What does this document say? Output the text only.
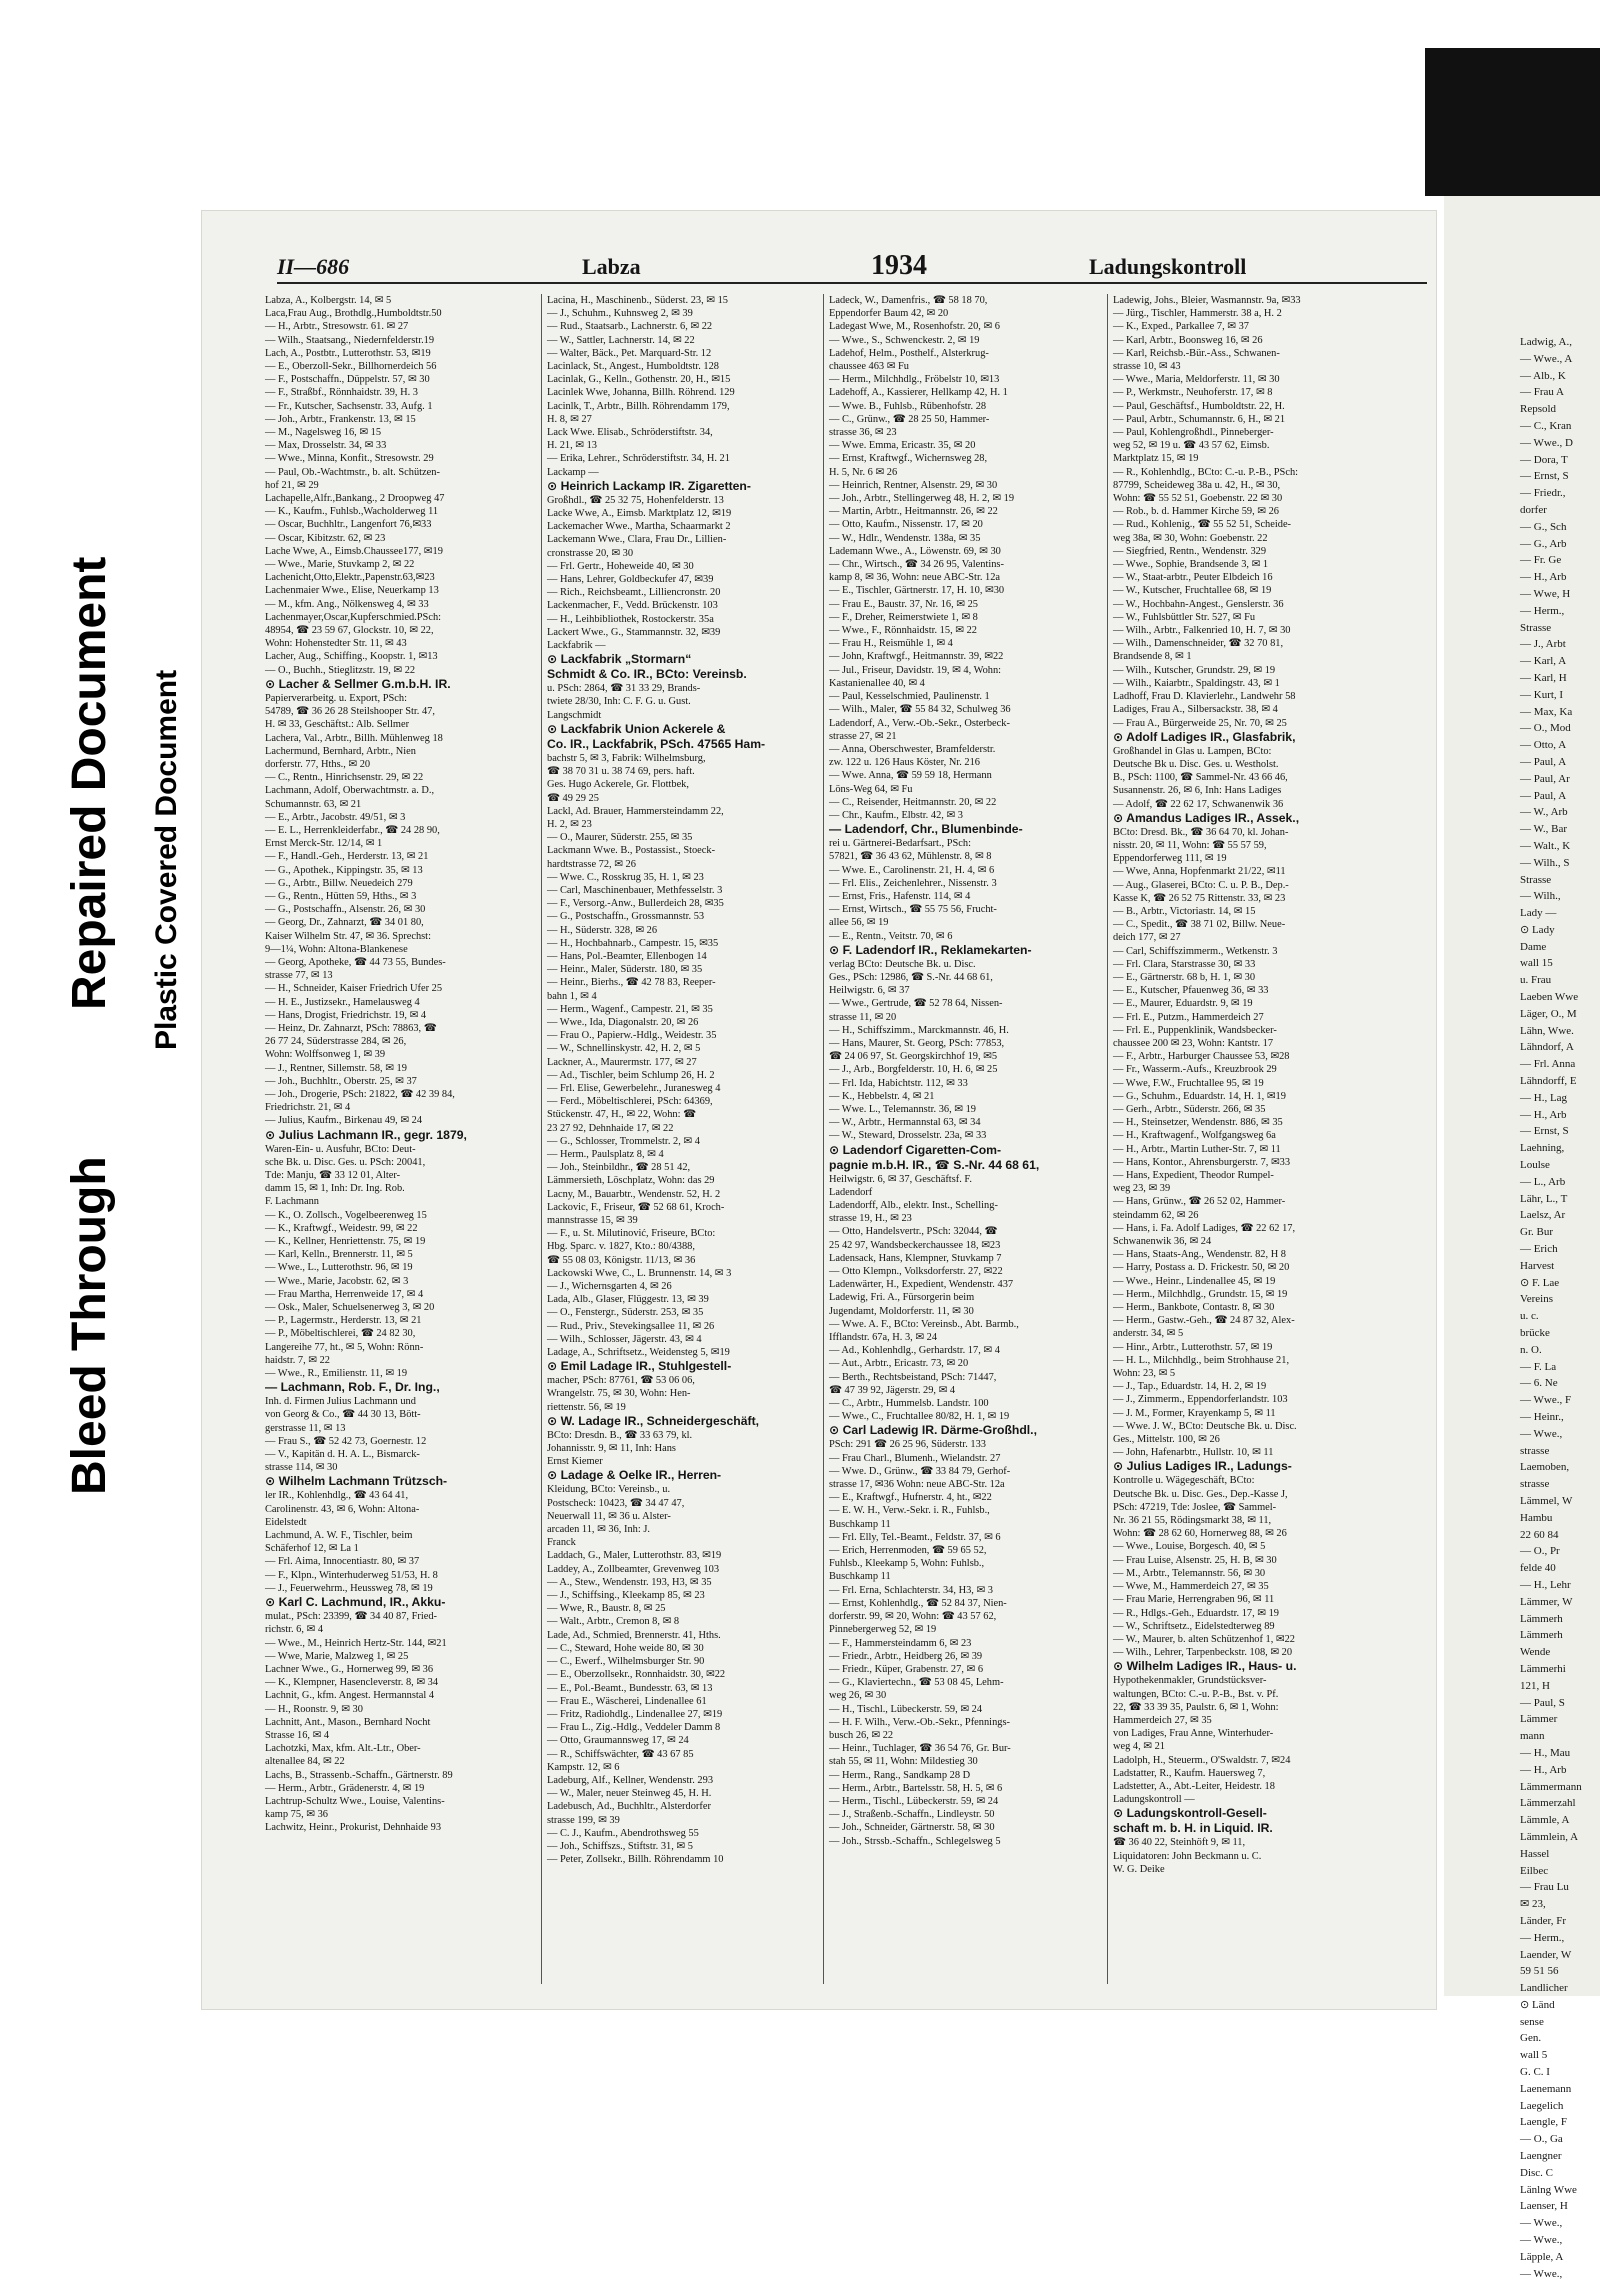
Bleed Through
Repaired Document Plastic Covered Document
II—686	Labza	1934	Ladungskontroll
Labza, A., Kolbergstr. 14, ✉ 5
Laca,Frau Aug., Brothdlg.,Humboldtstr.50
— H., Arbtr., Stresowstr. 61. ✉ 27
— Wilh., Staatsang., Niedernfelderstr.19
Lach, A., Postbtr., Lutterothstr. 53, ✉19
— E., Oberzoll-Sekr., Billhornerdeich 56
— F., Postschaffn., Düppelstr. 57, ✉ 30
— F., Straßbf., Rönnhaidstr. 39, H. 3
— Fr., Kutscher, Sachsenstr. 33, Aufg. 1
— Joh., Arbtr., Frankenstr. 13, ✉ 15
— M., Nagelsweg 16, ✉ 15
— Max, Drosselstr. 34, ✉ 33
— Wwe., Minna, Konfit., Stresowstr. 29
— Paul, Ob.-Wachtmstr., b. alt. Schützen-
hof 21, ✉ 29
Lachapelle,Alfr.,Bankang., 2 Droopweg 47
— K., Kaufm., Fuhlsb.,Wacholderweg 11
— Oscar, Buchhltr., Langenfort 76,✉33
— Oscar, Kibitzstr. 62, ✉ 23
Lache Wwe, A., Eimsb.Chaussee177, ✉19
— Wwe., Marie, Stuvkamp 2, ✉ 22
Lachenicht,Otto,Elektr.,Papenstr.63,✉23
Lachenmaier Wwe., Elise, Neuerkamp 13
— M., kfm. Ang., Nölkensweg 4, ✉ 33
Lachenmayer,Oscar,Kupferschmied.PSch:
48954, ☎ 23 59 67, Glockstr. 10, ✉ 22,
Wohn: Hohenstedter Str. 11, ✉ 43
Lacher, Aug., Schiffing., Koopstr. 1, ✉13
— O., Buchh., Stieglitzstr. 19, ✉ 22
⊙ Lacher & Sellmer G.m.b.H. IR.
Papierverarbeitg. u. Export, PSch:
54789, ☎ 36 26 28 Steilshooper Str. 47,
H. ✉ 33, Geschäftst.: Alb. Sellmer
Lachera, Val., Arbtr., Billh. Mühlenweg 18
Lachermund, Bernhard, Arbtr., Nien
dorferstr. 77, Hths., ✉ 20
— C., Rentn., Hinrichsenstr. 29, ✉ 22
Lachmann, Adolf, Oberwachtmstr. a. D.,
Schumannstr. 63, ✉ 21
— E., Arbtr., Jacobstr. 49/51, ✉ 3
— E. L., Herrenkleiderfabr., ☎ 24 28 90,
Ernst Merck-Str. 12/14, ✉ 1
— F., Handl.-Geh., Herderstr. 13, ✉ 21
— G., Apothek., Kippingstr. 35, ✉ 13
— G., Arbtr., Billw. Neuedeich 279
— G., Rentn., Hütten 59, Hths., ✉ 3
— G., Postschaffn., Alsenstr. 26, ✉ 30
— Georg, Dr., Zahnarzt, ☎ 34 01 80,
Kaiser Wilhelm Str. 47, ✉ 36. Sprechst:
9—1¼, Wohn: Altona-Blankenese
— Georg, Apotheke, ☎ 44 73 55, Bundes-
strasse 77, ✉ 13
— H., Schneider, Kaiser Friedrich Ufer 25
— H. E., Justizsekr., Hamelausweg 4
— Hans, Drogist, Friedrichstr. 19, ✉ 4
— Heinz, Dr. Zahnarzt, PSch: 78863, ☎
26 77 24, Süderstrasse 284, ✉ 26,
Wohn: Wolffsonweg 1, ✉ 39
— J., Rentner, Sillemstr. 58, ✉ 19
— Joh., Buchhltr., Oberstr. 25, ✉ 37
— Joh., Drogerie, PSch: 21822, ☎ 42 39 84,
Friedrichstr. 21, ✉ 4
— Julius, Kaufm., Birkenau 49, ✉ 24
⊙ Julius Lachmann IR., gegr. 1879,
Waren-Ein- u. Ausfuhr, BCto: Deut-
sche Bk. u. Disc. Ges. u. PSch: 20041,
Tde: Manju, ☎ 33 12 01, Alter-
damm 15, ✉ 1, Inh: Dr. Ing. Rob.
F. Lachmann
— K., O. Zollsch., Vogelbeerenweg 15
— K., Kraftwgf., Weidestr. 99, ✉ 22
— K., Kellner, Henriettenstr. 75, ✉ 19
— Karl, Kelln., Brennerstr. 11, ✉ 5
— Wwe., L., Lutterothstr. 96, ✉ 19
— Wwe., Marie, Jacobstr. 62, ✉ 3
— Frau Martha, Herrenweide 17, ✉ 4
— Osk., Maler, Schuelsenerweg 3, ✉ 20
— P., Lagermstr., Herderstr. 13, ✉ 21
— P., Möbeltischlerei, ☎ 24 82 30,
Langereihe 77, ht., ✉ 5, Wohn: Rönn-
haidstr. 7, ✉ 22
— Wwe., R., Emilienstr. 11, ✉ 19
— Lachmann, Rob. F., Dr. Ing.,
Inh. d. Firmen Julius Lachmann und
von Georg & Co., ☎ 44 30 13, Bött-
gerstrasse 11, ✉ 13
— Frau S., ☎ 52 42 73, Goernestr. 12
— V., Kapitän d. H. A. L., Bismarck-
strasse 114, ✉ 30
⊙ Wilhelm Lachmann Trützsch-
ler IR., Kohlenhdlg., ☎ 43 64 41,
Carolinenstr. 43, ✉ 6, Wohn: Altona-
Eidelstedt
Lachmund, A. W. F., Tischler, beim
Schäferhof 12, ✉ La 1
— Frl. Aima, Innocentiastr. 80, ✉ 37
— F., Klpn., Winterhuderweg 51/53, H. 8
— J., Feuerwehrm., Heussweg 78, ✉ 19
⊙ Karl C. Lachmund, IR., Akku-
mulat., PSch: 23399, ☎ 34 40 87, Fried-
richstr. 6, ✉ 4
— Wwe., M., Heinrich Hertz-Str. 144, ✉21
— Wwe, Marie, Malzweg 1, ✉ 25
Lachner Wwe., G., Hornerweg 99, ✉ 36
— K., Klempner, Hasencleverstr. 8, ✉ 34
Lachnit, G., kfm. Angest. Hermannstal 4
— H., Roonstr. 9, ✉ 30
Lachnitt, Ant., Mason., Bernhard Nocht
Strasse 16, ✉ 4
Lachotzki, Max, kfm. Alt.-Ltr., Ober-
altenallee 84, ✉ 22
Lachs, B., Strassenb.-Schaffn., Gärtnerstr. 89
— Herm., Arbtr., Grädenerstr. 4, ✉ 19
Lachtrup-Schultz Wwe., Louise, Valentins-
kamp 75, ✉ 36
Lachwitz, Heinr., Prokurist, Dehnhaide 93
Lacina, H., Maschinenb., Süderst. 23, ✉ 15
— J., Schuhm., Kuhnsweg 2, ✉ 39
— Rud., Staatsarb., Lachnerstr. 6, ✉ 22
— W., Sattler, Lachnerstr. 14, ✉ 22
— Walter, Bäck., Pet. Marquard-Str. 12
Lacinlack, St., Angest., Humboldtstr. 128
Lacinlak, G., Kelln., Gothenstr. 20, H., ✉15
Lacinlek Wwe, Johanna, Billh. Röhrend. 129
Lacinlk, T., Arbtr., Billh. Röhrendamm 179,
H. 8, ✉ 27
Lack Wwe. Elisab., Schröderstiftstr. 34,
H. 21, ✉ 13
— Erika, Lehrer., Schröderstiftstr. 34, H. 21
Lackamp —
⊙ Heinrich Lackamp IR. Zigaretten-
Großhdl., ☎ 25 32 75, Hohenfelderstr. 13
Lacke Wwe, A., Eimsb. Marktplatz 12, ✉19
Lackemacher Wwe., Martha, Schaarmarkt 2
Lackemann Wwe., Clara, Frau Dr., Lillien-
cronstrasse 20, ✉ 30
— Frl. Gertr., Hoheweide 40, ✉ 30
— Hans, Lehrer, Goldbeckufer 47, ✉39
— Rich., Reichsbeamt., Lilliencronstr. 20
Lackenmacher, F., Vedd. Brückenstr. 103
— H., Leihbibliothek, Rostockerstr. 35a
Lackert Wwe., G., Stammannstr. 32, ✉39
Lackfabrik —
⊙ Lackfabrik „Stormarn“
Schmidt & Co. IR., BCto: Vereinsb.
u. PSch: 2864, ☎ 31 33 29, Brands-
twiete 28/30, Inh: C. F. G. u. Gust.
Langschmidt
⊙ Lackfabrik Union Ackerele &
Co. IR., Lackfabrik, PSch. 47565 Ham-
bachstr 5, ✉ 3, Fabrik: Wilhelmsburg,
☎ 38 70 31 u. 38 74 69, pers. haft.
Ges. Hugo Ackerele, Gr. Flottbek,
☎ 49 29 25
Lackl, Ad. Brauer, Hammersteindamm 22,
H. 2, ✉ 23
— O., Maurer, Süderstr. 255, ✉ 35
Lackmann Wwe. B., Postassist., Stoeck-
hardtstrasse 72, ✉ 26
— Wwe. C., Rosskrug 35, H. 1, ✉ 23
— Carl, Maschinenbauer, Methfesselstr. 3
— F., Versorg.-Anw., Bullerdeich 28, ✉35
— G., Postschaffn., Grossmannstr. 53
— H., Süderstr. 328, ✉ 26
— H., Hochbahnarb., Campestr. 15, ✉35
— Hans, Pol.-Beamter, Ellenbogen 14
— Heinr., Maler, Süderstr. 180, ✉ 35
— Heinr., Bierhs., ☎ 42 78 83, Reeper-
bahn 1, ✉ 4
— Herm., Wagenf., Campestr. 21, ✉ 35
— Wwe., Ida, Diagonalstr. 20, ✉ 26
— Frau O., Papierw.-Hdlg., Weidestr. 35
— W., Schnellinskystr. 42, H. 2, ✉ 5
Lackner, A., Maurermstr. 177, ✉ 27
— Ad., Tischler, beim Schlump 26, H. 2
— Frl. Elise, Gewerbelehr., Juranesweg 4
— Ferd., Möbeltischlerei, PSch: 64369,
Stückenstr. 47, H., ✉ 22, Wohn: ☎
23 27 92, Dehnhaide 17, ✉ 22
— G., Schlosser, Trommelstr. 2, ✉ 4
— Herm., Paulsplatz 8, ✉ 4
— Joh., Steinbildhr., ☎ 28 51 42,
Lämmersieth, Löschplatz, Wohn: das 29
Lacny, M., Bauarbtr., Wendenstr. 52, H. 2
Lackovic, F., Friseur, ☎ 52 68 61, Kroch-
mannstrasse 15, ✉ 39
— F., u. St. Milutinović, Friseure, BCto:
Hbg. Sparc. v. 1827, Kto.: 80/4388,
☎ 55 08 03, Königstr. 11/13, ✉ 36
Lackowski Wwe, C., L. Brunnenstr. 14, ✉ 3
— J., Wichernsgarten 4, ✉ 26
Lada, Alb., Glaser, Flüggestr. 13, ✉ 39
— O., Fenstergr., Süderstr. 253, ✉ 35
— Rud., Priv., Stevekingsallee 11, ✉ 26
— Wilh., Schlosser, Jägerstr. 43, ✉ 4
Ladage, A., Schriftsetz., Weidensteg 5, ✉19
⊙ Emil Ladage IR., Stuhlgestell-
macher, PSch: 87761, ☎ 53 06 06,
Wrangelstr. 75, ✉ 30, Wohn: Hen-
riettenstr. 56, ✉ 19
⊙ W. Ladage IR., Schneidergeschäft,
BCto: Dresdn. B., ☎ 33 63 79, kl.
Johannisstr. 9, ✉ 11, Inh: Hans
Ernst Kiemer
⊙ Ladage & Oelke IR., Herren-
Kleidung, BCto: Vereinsb., u.
Postscheck: 10423, ☎ 34 47 47,
Neuerwall 11, ✉ 36 u. Alster-
arcaden 11, ✉ 36, Inh: J.
Franck
Laddach, G., Maler, Lutterothstr. 83, ✉19
Laddey, A., Zollbeamter, Grevenweg 103
— A., Stew., Wendenstr. 193, H3, ✉ 35
— J., Schiffsing., Kleekamp 85, ✉ 23
— Wwe, R., Baustr. 8, ✉ 25
— Walt., Arbtr., Cremon 8, ✉ 8
Lade, Ad., Schmied, Brennerstr. 41, Hths.
— C., Steward, Hohe weide 80, ✉ 30
— C., Ewerf., Wilhelmsburger Str. 90
— E., Oberzollsekr., Ronnhaidstr. 30, ✉22
— E., Pol.-Beamt., Bundesstr. 63, ✉ 13
— Frau E., Wäscherei, Lindenallee 61
— Fritz, Radiohdlg., Lindenallee 27, ✉19
— Frau L., Zig.-Hdlg., Veddeler Damm 8
— Otto, Graumannsweg 17, ✉ 24
— R., Schiffswächter, ☎ 43 67 85
Kampstr. 12, ✉ 6
Ladeburg, Alf., Kellner, Wendenstr. 293
— W., Maler, neuer Steinweg 45, H. H.
Ladebusch, Ad., Buchhltr., Alsterdorfer
strasse 199, ✉ 39
— C. J., Kaufm., Abendrothsweg 55
— Joh., Schiffszs., Stiftstr. 31, ✉ 5
— Peter, Zollsekr., Billh. Röhrendamm 10
Ladeck, W., Damenfris., ☎ 58 18 70,
Eppendorfer Baum 42, ✉ 20
Ladegast Wwe, M., Rosenhofstr. 20, ✉ 6
— Wwe., S., Schwenckestr. 2, ✉ 19
Ladehof, Helm., Posthelf., Alsterkrug-
chaussee 463 ✉ Fu
— Herm., Milchhdlg., Fröbelstr 10, ✉13
Ladehoff, A., Kassierer, Hellkamp 42, H. 1
— Wwe. B., Fuhlsb., Rübenhofstr. 28
— C., Grünw., ☎ 28 25 50, Hammer-
strasse 36, ✉ 23
— Wwe. Emma, Ericastr. 35, ✉ 20
— Ernst, Kraftwgf., Wichernsweg 28,
H. 5, Nr. 6 ✉ 26
— Heinrich, Rentner, Alsenstr. 29, ✉ 30
— Joh., Arbtr., Stellingerweg 48, H. 2, ✉ 19
— Martin, Arbtr., Heitmannstr. 26, ✉ 22
— Otto, Kaufm., Nissenstr. 17, ✉ 20
— W., Hdlr., Wendenstr. 138a, ✉ 35
Lademann Wwe., A., Löwenstr. 69, ✉ 30
— Chr., Wirtsch., ☎ 34 26 95, Valentins-
kamp 8, ✉ 36, Wohn: neue ABC-Str. 12a
— E., Tischler, Gärtnerstr. 17, H. 10, ✉30
— Frau E., Baustr. 37, Nr. 16, ✉ 25
— F., Dreher, Reimerstwiete 1, ✉ 8
— Wwe., F., Rönnhaidstr. 15, ✉ 22
— Frau H., Reismühle 1, ✉ 4
— John, Kraftwgf., Heitmannstr. 39, ✉22
— Jul., Friseur, Davidstr. 19, ✉ 4, Wohn:
Kastanienallee 40, ✉ 4
— Paul, Kesselschmied, Paulinenstr. 1
— Wilh., Maler, ☎ 55 84 32, Schulweg 36
Ladendorf, A., Verw.-Ob.-Sekr., Osterbeck-
strasse 27, ✉ 21
— Anna, Oberschwester, Bramfelderstr.
zw. 122 u. 126 Haus Köster, Nr. 216
— Wwe. Anna, ☎ 59 59 18, Hermann
Löns-Weg 64, ✉ Fu
— C., Reisender, Heitmannstr. 20, ✉ 22
— Chr., Kaufm., Elbstr. 42, ✉ 3
— Ladendorf, Chr., Blumenbinde-
rei u. Gärtnerei-Bedarfsart., PSch:
57821, ☎ 36 43 62, Mühlenstr. 8, ✉ 8
— Wwe. E., Carolinenstr. 21, H. 4, ✉ 6
— Frl. Elis., Zeichenlehrer., Nissenstr. 3
— Ernst, Fris., Hafenstr. 114, ✉ 4
— Ernst, Wirtsch., ☎ 55 75 56, Frucht-
allee 56, ✉ 19
— E., Rentn., Veitstr. 70, ✉ 6
⊙ F. Ladendorf IR., Reklamekarten-
verlag BCto: Deutsche Bk. u. Disc.
Ges., PSch: 12986, ☎ S.-Nr. 44 68 61,
Heilwigstr. 6, ✉ 37
— Wwe., Gertrude, ☎ 52 78 64, Nissen-
strasse 11, ✉ 20
— H., Schiffszimm., Marckmannstr. 46, H.
— Hans, Maurer, St. Georg, PSch: 77853,
☎ 24 06 97, St. Georgskirchhof 19, ✉5
— J., Arb., Borgfelderstr. 10, H. 6, ✉ 25
— Frl. Ida, Habichtstr. 112, ✉ 33
— K., Hebbelstr. 4, ✉ 21
— Wwe. L., Telemannstr. 36, ✉ 19
— W., Arbtr., Hermannstal 63, ✉ 34
— W., Steward, Drosselstr. 23a, ✉ 33
⊙ Ladendorf Cigaretten-Com-
pagnie m.b.H. IR., ☎ S.-Nr. 44 68 61,
Heilwigstr. 6, ✉ 37, Geschäftsf. F.
Ladendorf
Ladendorff, Alb., elektr. Inst., Schelling-
strasse 19, H., ✉ 23
— Otto, Handelsvertr., PSch: 32044, ☎
25 42 97, Wandsbeckerchaussee 18, ✉23
Ladensack, Hans, Klempner, Stuvkamp 7
— Otto Klempn., Volksdorferstr. 27, ✉22
Ladenwärter, H., Expedient, Wendenstr. 437
Ladewig, Fri. A., Fürsorgerin beim
Jugendamt, Moldorferstr. 11, ✉ 30
— Wwe. A. F., BCto: Vereinsb., Abt. Barmb.,
Ifflandstr. 67a, H. 3, ✉ 24
— Ad., Kohlenhdlg., Gerhardstr. 17, ✉ 4
— Aut., Arbtr., Ericastr. 73, ✉ 20
— Berth., Rechtsbeistand, PSch: 71447,
☎ 47 39 92, Jägerstr. 29, ✉ 4
— C., Arbtr., Hummelsb. Landstr. 100
— Wwe., C., Fruchtallee 80/82, H. 1, ✉ 19
⊙ Carl Ladewig IR. Därme-Großhdl.,
PSch: 291 ☎ 26 25 96, Süderstr. 133
— Frau Charl., Blumenh., Wielandstr. 27
— Wwe. D., Grünw., ☎ 33 84 79, Gerhof-
strasse 17, ✉36 Wohn: neue ABC-Str. 12a
— E., Kraftwgf., Hufnerstr. 4, ht., ✉22
— E. W. H., Verw.-Sekr. i. R., Fuhlsb.,
Buschkamp 11
— Frl. Elly, Tel.-Beamt., Feldstr. 37, ✉ 6
— Erich, Herrenmoden, ☎ 59 65 52,
Fuhlsb., Kleekamp 5, Wohn: Fuhlsb.,
Buschkamp 11
— Frl. Erna, Schlachterstr. 34, H3, ✉ 3
— Ernst, Kohlenhdlg., ☎ 52 84 37, Nien-
dorferstr. 99, ✉ 20, Wohn: ☎ 43 57 62,
Pinnebergerweg 52, ✉ 19
— F., Hammersteindamm 6, ✉ 23
— Friedr., Arbtr., Heidberg 26, ✉ 39
— Friedr., Küper, Grabenstr. 27, ✉ 6
— G., Klaviertechn., ☎ 53 08 45, Lehm-
weg 26, ✉ 30
— H., Tischl., Lübeckerstr. 59, ✉ 24
— H. F. Wilh., Verw.-Ob.-Sekr., Pfennings-
busch 26, ✉ 22
— Heinr., Tuchlager, ☎ 36 54 76, Gr. Bur-
stah 55, ✉ 11, Wohn: Mildestieg 30
— Herm., Rang., Sandkamp 28 D
— Herm., Arbtr., Bartelsstr. 58, H. 5, ✉ 6
— Herm., Tischl., Lübeckerstr. 59, ✉ 24
— J., Straßenb.-Schaffn., Lindleystr. 50
— Joh., Schneider, Gärtnerstr. 58, ✉ 30
— Joh., Strssb.-Schaffn., Schlegelsweg 5
Ladewig, Johs., Bleier, Wasmannstr. 9a, ✉33
— Jürg., Tischler, Hammerstr. 38 a, H. 2
— K., Exped., Parkallee 7, ✉ 37
— Karl, Arbtr., Boonsweg 16, ✉ 26
— Karl, Reichsb.-Bür.-Ass., Schwanen-
strasse 10, ✉ 43
— Wwe., Maria, Meldorferstr. 11, ✉ 30
— P., Werkmstr., Neuhoferstr. 17, ✉ 8
— Paul, Geschäftsf., Humboldtstr. 22, H.
— Paul, Arbtr., Schumannstr. 6, H., ✉ 21
— Paul, Kohlengroßhdl., Pinneberger-
weg 52, ✉ 19 u. ☎ 43 57 62, Eimsb.
Marktplatz 15, ✉ 19
— R., Kohlenhdlg., BCto: C.-u. P.-B., PSch:
87799, Scheideweg 38a u. 42, H., ✉ 30,
Wohn: ☎ 55 52 51, Goebenstr. 22 ✉ 30
— Rob., b. d. Hammer Kirche 59, ✉ 26
— Rud., Kohlenig., ☎ 55 52 51, Scheide-
weg 38a, ✉ 30, Wohn: Goebenstr. 22
— Siegfried, Rentn., Wendenstr. 329
— Wwe., Sophie, Brandsende 3, ✉ 1
— W., Staat-arbtr., Peuter Elbdeich 16
— W., Kutscher, Fruchtallee 68, ✉ 19
— W., Hochbahn-Angest., Genslerstr. 36
— W., Fuhlsbüttler Str. 527, ✉ Fu
— Wilh., Arbtr., Falkenried 10, H. 7, ✉ 30
— Wilh., Damenschneider, ☎ 32 70 81,
Brandsende 8, ✉ 1
— Wilh., Kutscher, Grundstr. 29, ✉ 19
— Wilh., Kaiarbtr., Spaldingstr. 43, ✉ 1
Ladhoff, Frau D. Klavierlehr., Landwehr 58
Ladiges, Frau A., Silbersackstr. 38, ✉ 4
— Frau A., Bürgerweide 25, Nr. 70, ✉ 25
⊙ Adolf Ladiges IR., Glasfabrik,
Großhandel in Glas u. Lampen, BCto:
Deutsche Bk u. Disc. Ges. u. Westholst.
B., PSch: 1100, ☎ Sammel-Nr. 43 66 46,
Susannenstr. 26, ✉ 6, Inh: Hans Ladiges
— Adolf, ☎ 22 62 17, Schwanenwik 36
⊙ Amandus Ladiges IR., Assek.,
BCto: Dresd. Bk., ☎ 36 64 70, kl. Johan-
nisstr. 20, ✉ 11, Wohn: ☎ 55 57 59,
Eppendorferweg 111, ✉ 19
— Wwe, Anna, Hopfenmarkt 21/22, ✉11
— Aug., Glaserei, BCto: C. u. P. B., Dep.-
Kasse K, ☎ 26 52 75 Rittenstr. 33, ✉ 23
— B., Arbtr., Victoriastr. 14, ✉ 15
— C., Spedit., ☎ 38 71 02, Billw. Neue-
deich 177, ✉ 27
— Carl, Schiffszimmerm., Wetkenstr. 3
— Frl. Clara, Starstrasse 30, ✉ 33
— E., Gärtnerstr. 68 b, H. 1, ✉ 30
— E., Kutscher, Pfauenweg 36, ✉ 33
— E., Maurer, Eduardstr. 9, ✉ 19
— Frl. E., Putzm., Hammerdeich 27
— Frl. E., Puppenklinik, Wandsbecker-
chaussee 200 ✉ 23, Wohn: Kantstr. 17
— F., Arbtr., Harburger Chaussee 53, ✉28
— Fr., Wasserm.-Aufs., Kreuzbrook 29
— Wwe, F.W., Fruchtallee 95, ✉ 19
— G., Schuhm., Eduardstr. 14, H. 1, ✉19
— Gerh., Arbtr., Süderstr. 266, ✉ 35
— H., Steinsetzer, Wendenstr. 886, ✉ 35
— H., Kraftwagenf., Wolfgangsweg 6a
— H., Arbtr., Martin Luther-Str. 7, ✉ 11
— Hans, Kontor., Ahrensburgerstr. 7, ✉33
— Hans, Expedient, Theodor Rumpel-
weg 23, ✉ 39
— Hans, Grünw., ☎ 26 52 02, Hammer-
steindamm 62, ✉ 26
— Hans, i. Fa. Adolf Ladiges, ☎ 22 62 17,
Schwanenwik 36, ✉ 24
— Hans, Staats-Ang., Wendenstr. 82, H 8
— Harry, Postass a. D. Frickestr. 50, ✉ 20
— Wwe., Heinr., Lindenallee 45, ✉ 19
— Herm., Milchhdlg., Grundstr. 15, ✉ 19
— Herm., Bankbote, Contastr. 8, ✉ 30
— Herm., Gastw.-Geh., ☎ 24 87 32, Alex-
anderstr. 34, ✉ 5
— Hinr., Arbtr., Lutterothstr. 57, ✉ 19
— H. L., Milchhdlg., beim Strohhause 21,
Wohn: 23, ✉ 5
— J., Tap., Eduardstr. 14, H. 2, ✉ 19
— J., Zimmerm., Eppendorferlandstr. 103
— J. M., Former, Krayenkamp 5, ✉ 11
— Wwe. J. W., BCto: Deutsche Bk. u. Disc.
Ges., Mittelstr. 100, ✉ 26
— John, Hafenarbtr., Hullstr. 10, ✉ 11
⊙ Julius Ladiges IR., Ladungs-
Kontrolle u. Wägegeschäft, BCto:
Deutsche Bk. u. Disc. Ges., Dep.-Kasse J,
PSch: 47219, Tde: Joslee, ☎ Sammel-
Nr. 36 21 55, Rödingsmarkt 38, ✉ 11,
Wohn: ☎ 28 62 60, Hornerweg 88, ✉ 26
— Wwe., Louise, Borgesch. 40, ✉ 5
— Frau Luise, Alsenstr. 25, H. B, ✉ 30
— M., Arbtr., Telemannstr. 56, ✉ 30
— Wwe, M., Hammerdeich 27, ✉ 35
— Frau Marie, Herrengraben 96, ✉ 11
— R., Hdlgs.-Geh., Eduardstr. 17, ✉ 19
— W., Schriftsetz., Eidelstedterweg 89
— W., Maurer, b. alten Schützenhof 1, ✉22
— Wilh., Lehrer, Tarpenbeckstr. 108, ✉ 20
⊙ Wilhelm Ladiges IR., Haus- u.
Hypothekenmakler, Grundstücksver-
waltungen, BCto: C.-u. P.-B., Bst. v. Pf.
22, ☎ 33 39 35, Paulstr. 6, ✉ 1, Wohn:
Hammerdeich 27, ✉ 35
von Ladiges, Frau Anne, Winterhuder-
weg 4, ✉ 21
Ladolph, H., Steuerm., O'Swaldstr. 7, ✉24
Ladstatter, R., Kaufm. Hauersweg 7,
Ladstetter, A., Abt.-Leiter, Heidestr. 18
Ladungskontroll —
⊙ Ladungskontroll-Gesell-
schaft m. b. H. in Liquid. IR.
☎ 36 40 22, Steinhöft 9, ✉ 11,
Liquidatoren: John Beckmann u. C.
W. G. Deike
Ladwig, A.,
— Wwe., A
— Alb., K
— Frau A
Repsold
— C., Kran
— Wwe., D
— Dora, T
— Ernst, S
— Friedr.,
dorfer
— G., Sch
— G., Arb
— Fr. Ge
— H., Arb
— Wwe, H
— Herm.,
Strasse
— J., Arbt
— Karl, A
— Karl, H
— Kurt, I
— Max, Ka
— O., Mod
— Otto, A
— Paul, A
— Paul, Ar
— Paul, A
— W., Arb
— W., Bar
— Walt., K
— Wilh., S
Strasse
— Wilh.,
Lady —
⊙ Lady
Dame
wall 15
u. Frau
Laeben Wwe
Läger, O., M
Lähn, Wwe.
Lähndorf, A
— Frl. Anna
Lähndorff, E
— H., Lag
— H., Arb
— Ernst, S
Laehning,
Loulse
— L., Arb
Lähr, L., T
Laelsz, Ar
Gr. Bur
— Erich
Harvest
⊙ F. Lae
Vereins
u. c.
brücke
n. O.
— F. La
— 6. Ne
— Wwe., F
— Heinr.,
— Wwe.,
strasse
Laemoben,
strasse
Lämmel, W
Hambu
22 60 84
— O., Pr
felde 40
— H., Lehr
Lämmer, W
Lämmerh
Lämmerh
Wende
Lämmerhi
121, H
— Paul, S
Lämmer
mann
— H., Mau
— H., Arb
Lämmermann
Lämmerzahl
Lämmle, A
Lämmlein, A
Hassel
Eilbec
— Frau Lu
✉ 23,
Länder, Fr
— Herm.,
Laender, W
59 51 56
Landlicher
⊙ Länd
sense
Gen.
wall 5
G. C. I
Laenemann
Laegelich
Laengle, F
— O., Ga
Laengner
Disc. C
Länlng Wwe
Laenser, H
— Wwe.,
— Wwe.,
Läpple, A
— Wwe.,
